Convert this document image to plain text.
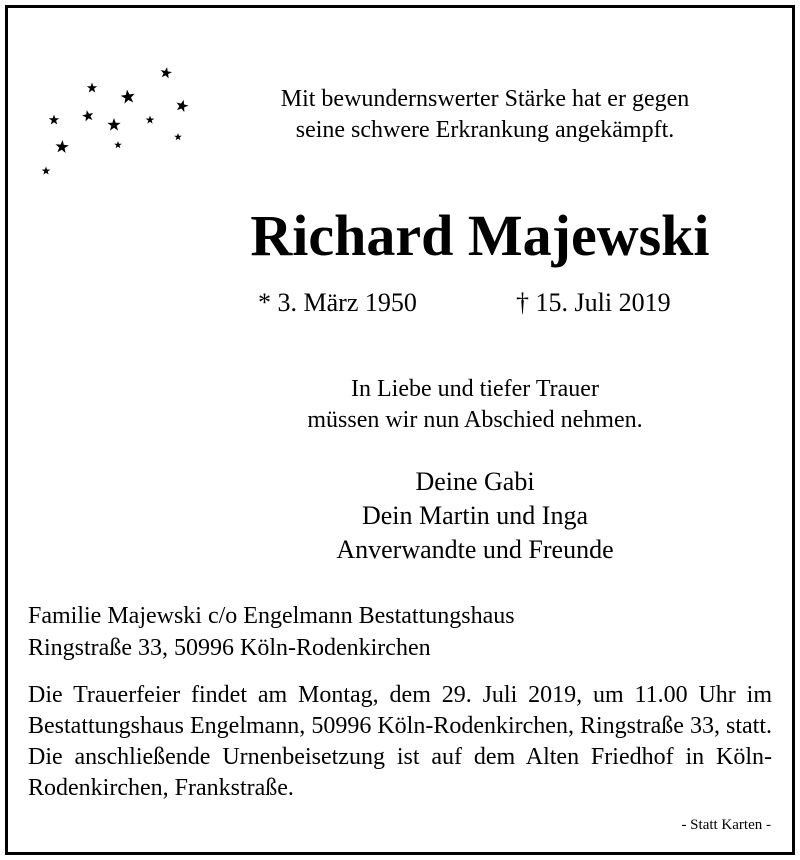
Mit bewundernswerter Stärke hat er gegen
seine schwere Erkrankung angekämpft.
Richard Majewski
* 3. März 1950	† 15. Juli 2019
In Liebe und tiefer Trauer
müssen wir nun Abschied nehmen.
Deine Gabi
Dein Martin und Inga
Anverwandte und Freunde
Familie Majewski c/o Engelmann Bestattungshaus
Ringstraße 33, 50996 Köln-Rodenkirchen
Die Trauerfeier findet am Montag, dem 29. Juli 2019, um 11.00 Uhr im Bestattungshaus Engelmann, 50996 Köln-Rodenkirchen, Ringstraße 33, statt. Die anschließende Urnenbeisetzung ist auf dem Alten Friedhof in Köln-Rodenkirchen, Frankstraße.
- Statt Karten -
